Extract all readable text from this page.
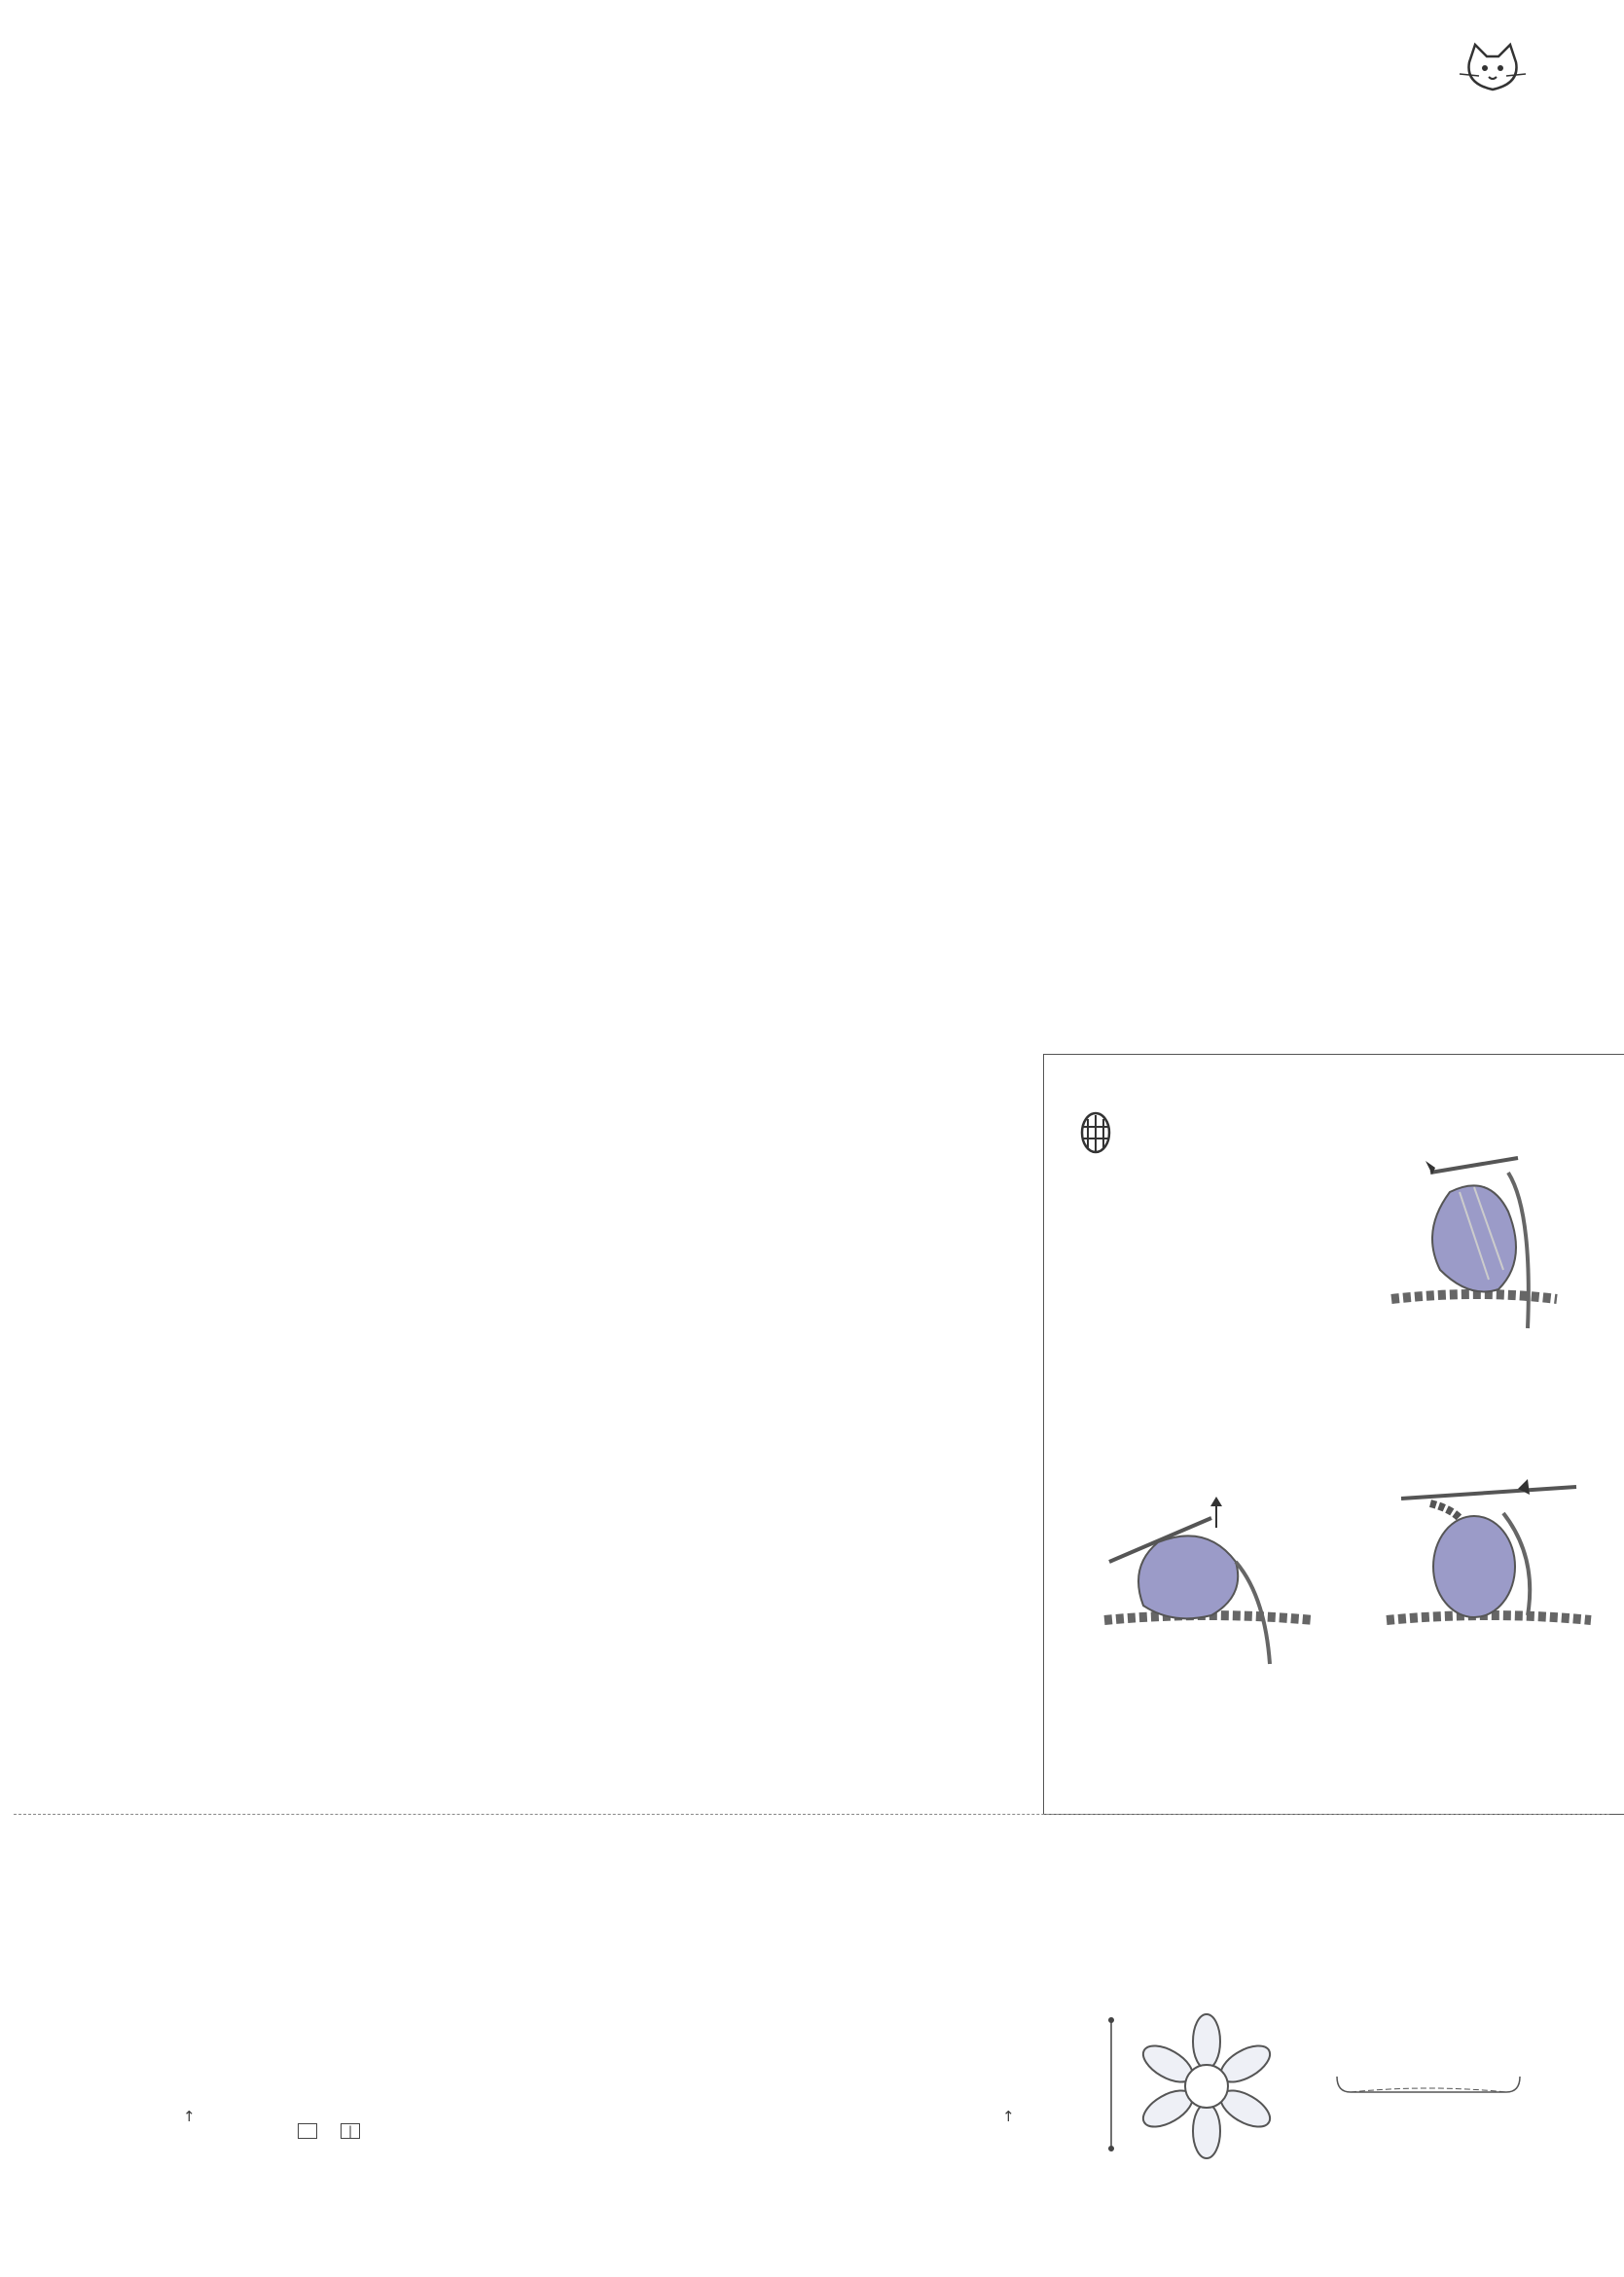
↑
|
↑
